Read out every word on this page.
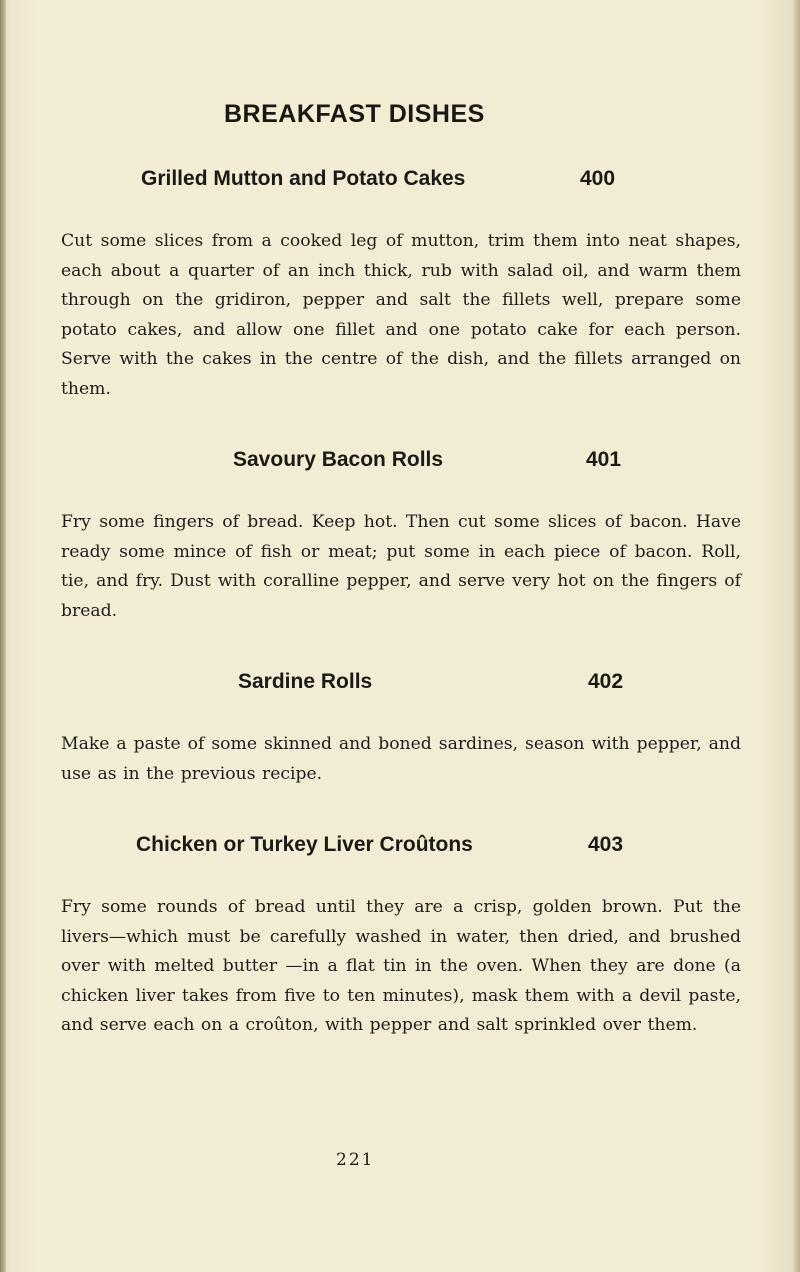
BREAKFAST DISHES
Grilled Mutton and Potato Cakes	400

Cut some slices from a cooked leg of mutton, trim them into neat shapes, each about a quarter of an inch thick, rub with salad oil, and warm them through on the gridiron, pepper and salt the fillets well, prepare some potato cakes, and allow one fillet and one potato cake for each person. Serve with the cakes in the centre of the dish, and the fillets arranged on them.

Savoury Bacon Rolls	401

Fry some fingers of bread. Keep hot. Then cut some slices of bacon. Have ready some mince of fish or meat; put some in each piece of bacon. Roll, tie, and fry. Dust with coralline pepper, and serve very hot on the fingers of bread.

Sardine Rolls	402

Make a paste of some skinned and boned sardines, season with pepper, and use as in the previous recipe.

Chicken or Turkey Liver Croûtons	403

Fry some rounds of bread until they are a crisp, golden brown. Put the livers—which must be carefully washed in water, then dried, and brushed over with melted butter —in a flat tin in the oven. When they are done (a chicken liver takes from five to ten minutes), mask them with a devil paste, and serve each on a croûton, with pepper and salt sprinkled over them.

221
